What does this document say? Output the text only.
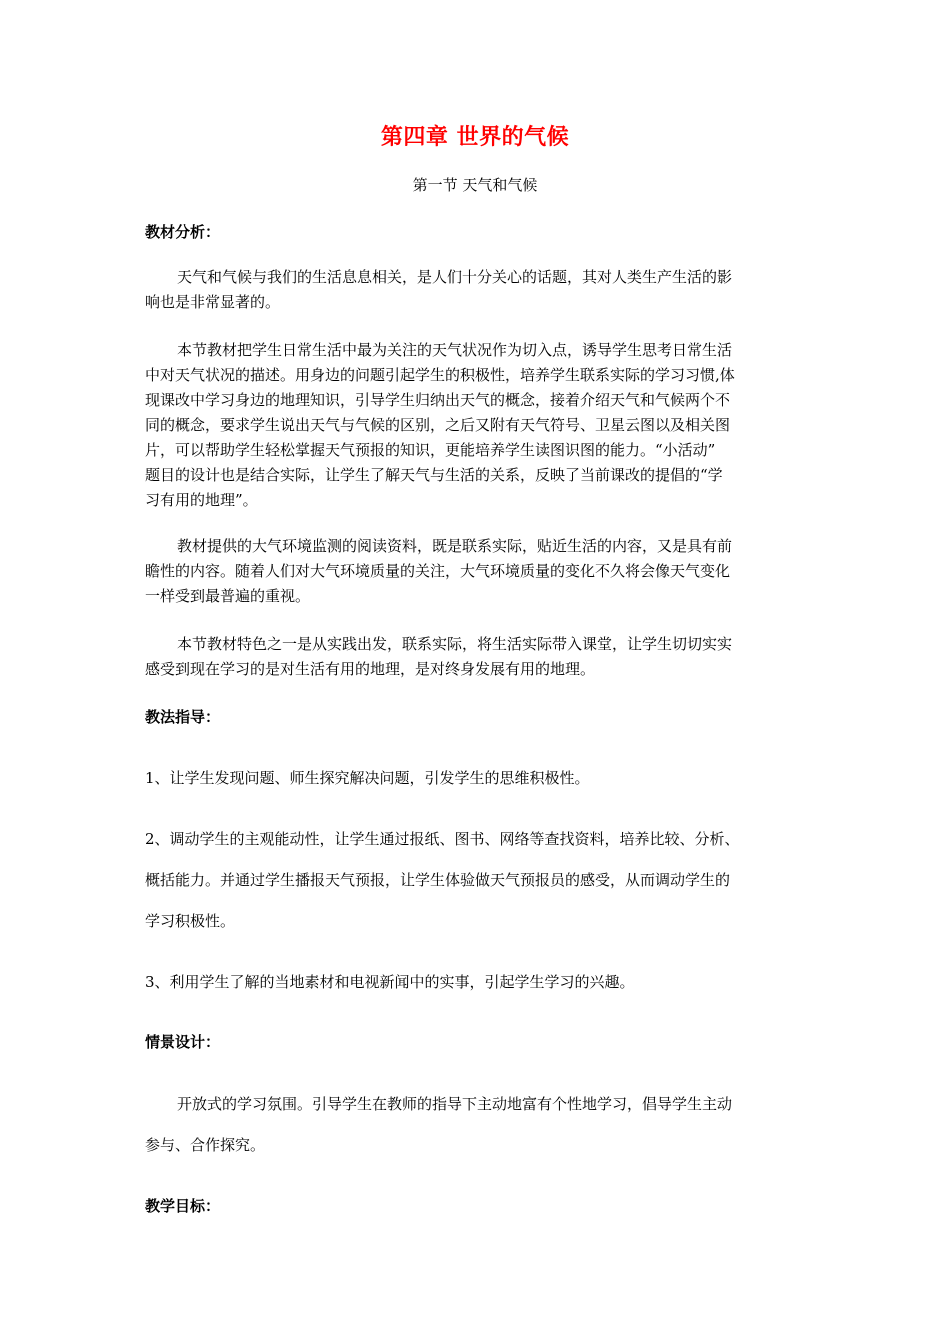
第四章 世界的气候
第一节 天气和气候
教材分析：
天气和气候与我们的生活息息相关，是人们十分关心的话题，其对人类生产生活的影
响也是非常显著的。
本节教材把学生日常生活中最为关注的天气状况作为切入点，诱导学生思考日常生活
中对天气状况的描述。用身边的问题引起学生的积极性，培养学生联系实际的学习习惯,体
现课改中学习身边的地理知识，引导学生归纳出天气的概念，接着介绍天气和气候两个不
同的概念，要求学生说出天气与气候的区别，之后又附有天气符号、卫星云图以及相关图
片，可以帮助学生轻松掌握天气预报的知识，更能培养学生读图识图的能力。“小活动”
题目的设计也是结合实际，让学生了解天气与生活的关系，反映了当前课改的提倡的“学
习有用的地理”。
教材提供的大气环境监测的阅读资料，既是联系实际，贴近生活的内容，又是具有前
瞻性的内容。随着人们对大气环境质量的关注，大气环境质量的变化不久将会像天气变化
一样受到最普遍的重视。
本节教材特色之一是从实践出发，联系实际，将生活实际带入课堂，让学生切切实实
感受到现在学习的是对生活有用的地理，是对终身发展有用的地理。
教法指导：
1、让学生发现问题、师生探究解决问题，引发学生的思维积极性。
2、调动学生的主观能动性，让学生通过报纸、图书、网络等查找资料，培养比较、分析、
概括能力。并通过学生播报天气预报，让学生体验做天气预报员的感受，从而调动学生的
学习积极性。
3、利用学生了解的当地素材和电视新闻中的实事，引起学生学习的兴趣。
情景设计：
开放式的学习氛围。引导学生在教师的指导下主动地富有个性地学习，倡导学生主动
参与、合作探究。
教学目标：
